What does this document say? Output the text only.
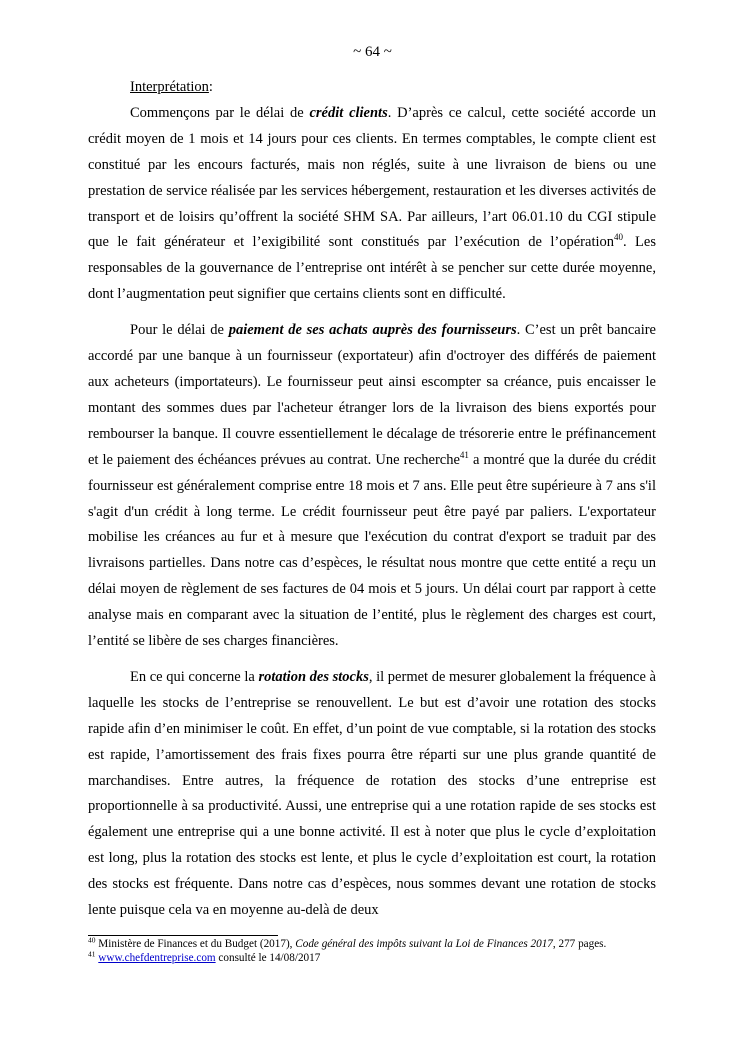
~ 64 ~
Interprétation:

Commençons par le délai de crédit clients. D’après ce calcul, cette société accorde un crédit moyen de 1 mois et 14 jours pour ces clients. En termes comptables, le compte client est constitué par les encours facturés, mais non réglés, suite à une livraison de biens ou une prestation de service réalisée par les services hébergement, restauration et les diverses activités de transport et de loisirs qu’offrent la société SHM SA. Par ailleurs, l’art 06.01.10 du CGI stipule que le fait générateur et l’exigibilité sont constitués par l’exécution de l’opération$^{40}$. Les responsables de la gouvernance de l’entreprise ont intérêt à se pencher sur cette durée moyenne, dont l’augmentation peut signifier que certains clients sont en difficulté.

Pour le délai de paiement de ses achats auprès des fournisseurs. C’est un prêt bancaire accordé par une banque à un fournisseur (exportateur) afin d'octroyer des différés de paiement aux acheteurs (importateurs). Le fournisseur peut ainsi escompter sa créance, puis encaisser le montant des sommes dues par l'acheteur étranger lors de la livraison des biens exportés pour rembourser la banque. Il couvre essentiellement le décalage de trésorerie entre le préfinancement et le paiement des échéances prévues au contrat. Une recherche$^{41}$ a montré que la durée du crédit fournisseur est généralement comprise entre 18 mois et 7 ans. Elle peut être supérieure à 7 ans s'il s'agit d'un crédit à long terme. Le crédit fournisseur peut être payé par paliers. L'exportateur mobilise les créances au fur et à mesure que l'exécution du contrat d'export se traduit par des livraisons partielles. Dans notre cas d’espèces, le résultat nous montre que cette entité a reçu un délai moyen de règlement de ses factures de 04 mois et 5 jours. Un délai court par rapport à cette analyse mais en comparant avec la situation de l’entité, plus le règlement des charges est court, l’entité se libère de ses charges financières.

En ce qui concerne la rotation des stocks, il permet de mesurer globalement la fréquence à laquelle les stocks de l’entreprise se renouvellent. Le but est d’avoir une rotation des stocks rapide afin d’en minimiser le coût. En effet, d’un point de vue comptable, si la rotation des stocks est rapide, l’amortissement des frais fixes pourra être réparti sur une plus grande quantité de marchandises. Entre autres, la fréquence de rotation des stocks d’une entreprise est proportionnelle à sa productivité. Aussi, une entreprise qui a une rotation rapide de ses stocks est également une entreprise qui a une bonne activité. Il est à noter que plus le cycle d’exploitation est long, plus la rotation des stocks est lente, et plus le cycle d’exploitation est court, la rotation des stocks est fréquente. Dans notre cas d’espèces, nous sommes devant une rotation de stocks lente puisque cela va en moyenne au-delà de deux

$^{40}$ Ministère de Finances et du Budget (2017), Code général des impôts suivant la Loi de Finances 2017, 277 pages.

$^{41}$ www.chefdentreprise.com consulté le 14/08/2017
